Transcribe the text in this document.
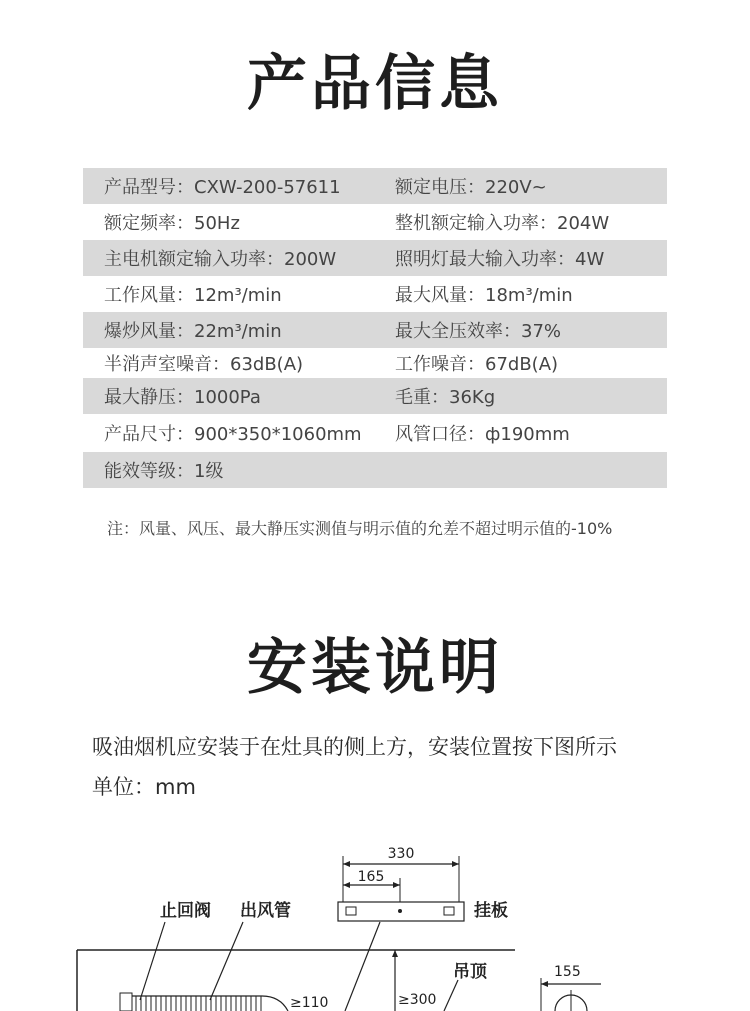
产品信息
产品型号：CXW-200-57611	额定电压：220V~
额定频率：50Hz	整机额定输入功率：204W
主电机额定输入功率：200W	照明灯最大输入功率：4W
工作风量：12m³/min	最大风量：18m³/min
爆炒风量：22m³/min	最大全压效率：37%
半消声室噪音：63dB(A)	工作噪音：67dB(A)
最大静压：1000Pa	毛重：36Kg
产品尺寸：900*350*1060mm	风管口径：ф190mm
能效等级：1级
注：风量、风压、最大静压实测值与明示值的允差不超过明示值的-10%
安装说明
吸油烟机应安装于在灶具的侧上方，安装位置按下图所示
单位：mm
330
165
挂板
止回阀 出风管
吊顶
≥300
≥110
155
